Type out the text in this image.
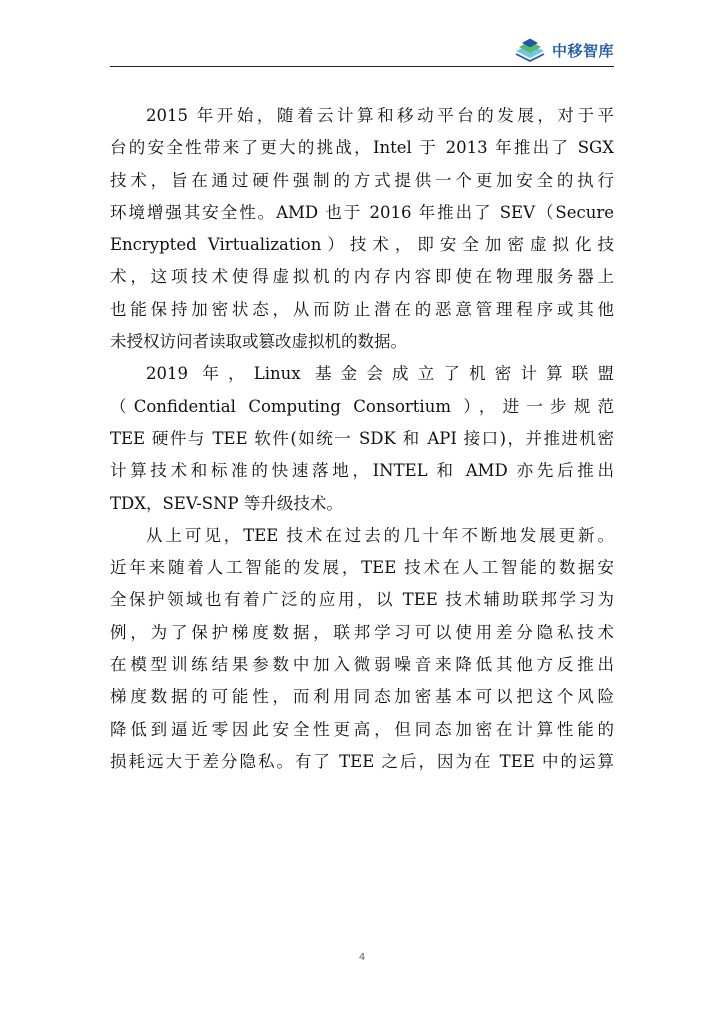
中移智库
2015 年开始，随着云计算和移动平台的发展，对于平
台的安全性带来了更大的挑战，Intel 于 2013 年推出了 SGX
技术，旨在通过硬件强制的方式提供一个更加安全的执行
环境增强其安全性。AMD 也于 2016 年推出了 SEV（Secure
Encrypted Virtualization）技术，即安全加密虚拟化技
术，这项技术使得虚拟机的内存内容即使在物理服务器上
也能保持加密状态，从而防止潜在的恶意管理程序或其他
未授权访问者读取或篡改虚拟机的数据。
2019 年，Linux 基金会成立了机密计算联盟
（Confidential Computing Consortium ），进一步规范
TEE 硬件与 TEE 软件(如统一 SDK 和 API 接口)，并推进机密
计算技术和标准的快速落地，INTEL 和 AMD 亦先后推出
TDX，SEV-SNP 等升级技术。
从上可见，TEE 技术在过去的几十年不断地发展更新。
近年来随着人工智能的发展，TEE 技术在人工智能的数据安
全保护领域也有着广泛的应用，以 TEE 技术辅助联邦学习为
例，为了保护梯度数据，联邦学习可以使用差分隐私技术
在模型训练结果参数中加入微弱噪音来降低其他方反推出
梯度数据的可能性，而利用同态加密基本可以把这个风险
降低到逼近零因此安全性更高，但同态加密在计算性能的
损耗远大于差分隐私。有了 TEE 之后，因为在 TEE 中的运算
4
